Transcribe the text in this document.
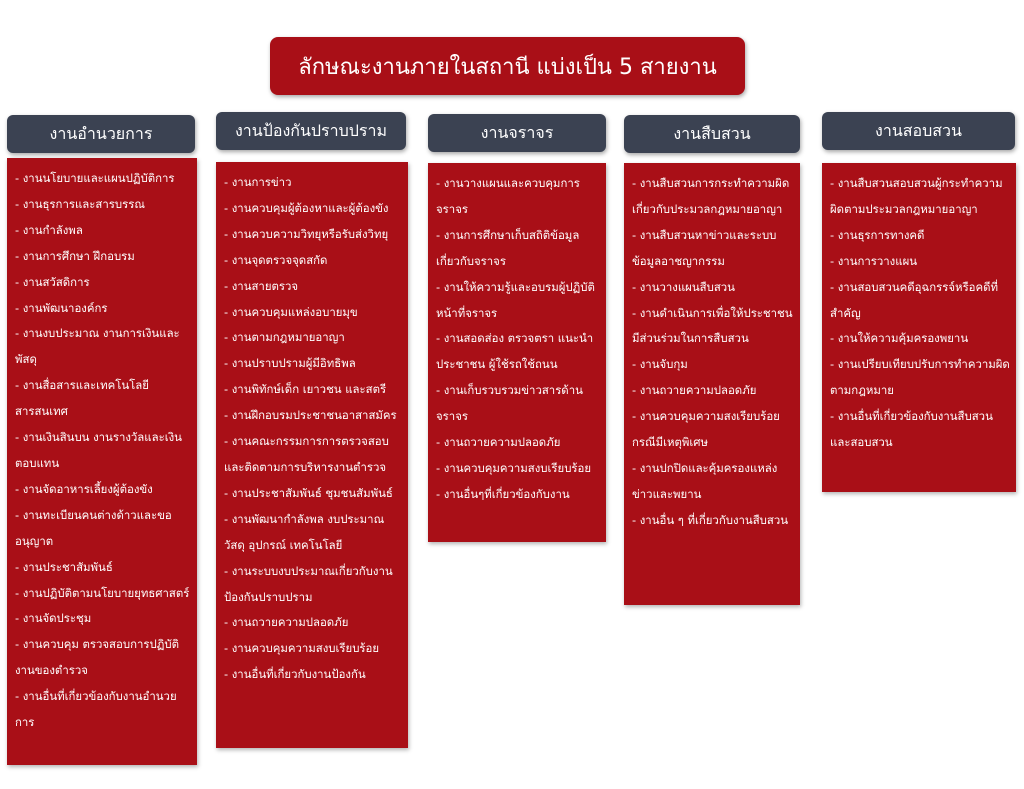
ลักษณะงานภายในสถานี แบ่งเป็น 5 สายงาน
งานอำนวยการ	งานป้องกันปราบปราม	งานจราจร	งานสืบสวน	งานสอบสวน
- งานนโยบายและแผนปฏิบัติการ
- งานธุรการและสารบรรณ
- งานกำลังพล
- งานการศึกษา ฝึกอบรม
- งานสวัสดิการ
- งานพัฒนาองค์กร
- งานงบประมาณ งานการเงินและพัสดุ
- งานสื่อสารและเทคโนโลยีสารสนเทศ
- งานเงินสินบน งานรางวัลและเงินตอบแทน
- งานจัดอาหารเลี้ยงผู้ต้องขัง
- งานทะเบียนคนต่างด้าวและขออนุญาต
- งานประชาสัมพันธ์
- งานปฏิบัติตามนโยบายยุทธศาสตร์
- งานจัดประชุม
- งานควบคุม ตรวจสอบการปฏิบัติงานของตำรวจ
- งานอื่นที่เกี่ยวข้องกับงานอำนวยการ
- งานการข่าว
- งานควบคุมผู้ต้องหาและผู้ต้องขัง
- งานควบความวิทยุหรือรับส่งวิทยุ
- งานจุดตรวจจุดสกัด
- งานสายตรวจ
- งานควบคุมแหล่งอบายมุข
- งานตามกฎหมายอาญา
- งานปราบปรามผู้มีอิทธิพล
- งานพิทักษ์เด็ก เยาวชน และสตรี
- งานฝึกอบรมประชาชนอาสาสมัคร
- งานคณะกรรมการการตรวจสอบและติดตามการบริหารงานตำรวจ
- งานประชาสัมพันธ์ ชุมชนสัมพันธ์
- งานพัฒนากำลังพล งบประมาณ วัสดุ อุปกรณ์ เทคโนโลยี
- งานระบบงบประมาณเกี่ยวกับงานป้องกันปราบปราม
- งานถวายความปลอดภัย
- งานควบคุมความสงบเรียบร้อย
- งานอื่นที่เกี่ยวกับงานป้องกัน
- งานวางแผนและควบคุมการจราจร
- งานการศึกษาเก็บสถิติข้อมูลเกี่ยวกับจราจร
- งานให้ความรู้และอบรมผู้ปฏิบัติหน้าที่จราจร
- งานสอดส่อง ตรวจตรา แนะนำประชาชน ผู้ใช้รถใช้ถนน
- งานเก็บรวบรวมข่าวสารด้านจราจร
- งานถวายความปลอดภัย
- งานควบคุมความสงบเรียบร้อย
- งานอื่นๆที่เกี่ยวข้องกับงาน
- งานสืบสวนการกระทำความผิดเกี่ยวกับประมวลกฎหมายอาญา
- งานสืบสวนหาข่าวและระบบข้อมูลอาชญากรรม
- งานวางแผนสืบสวน
- งานดำเนินการเพื่อให้ประชาชนมีส่วนร่วมในการสืบสวน
- งานจับกุม
- งานถวายความปลอดภัย
- งานควบคุมความสงเรียบร้อยกรณีมีเหตุพิเศษ
- งานปกปิดและคุ้มครองแหล่งข่าวและพยาน
- งานอื่น ๆ ที่เกี่ยวกับงานสืบสวน
- งานสืบสวนสอบสวนผู้กระทำความผิดตามประมวลกฎหมายอาญา
- งานธุรการทางคดี
- งานการวางแผน
- งานสอบสวนคดีอุฉกรรจ์หรือคดีที่สำคัญ
- งานให้ความคุ้มครองพยาน
- งานเปรียบเทียบปรับการทำความผิดตามกฎหมาย
- งานอื่นที่เกี่ยวข้องกับงานสืบสวนและสอบสวน
